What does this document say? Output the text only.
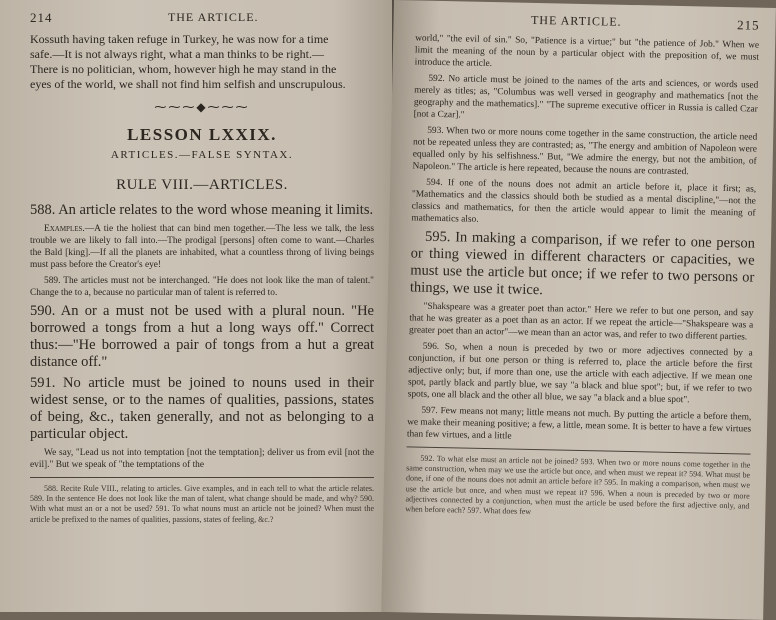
214	THE ARTICLE.
Kossuth having taken refuge in Turkey, he was now for a time
safe.—It is not always right, what a man thinks to be right.—
There is no politician, whom, however high he may stand in the
eyes of the world, we shall not find him selfish and unscrupulous.
⁓⁓⁓◆⁓⁓⁓
LESSON LXXIX.
ARTICLES.—FALSE SYNTAX.
RULE VIII.—ARTICLES.

588. An article relates to the word whose meaning it limits.

Examples.—A tie the holiest that can bind men together.—The less we talk, the less trouble we are likely to fall into.—The prodigal [persons] often come to want.—Charles the Bald [king].—If all the planets are inhabited, what a countless throng of living beings must pass before the Creator's eye!

589. The articles must not be interchanged. "He does not look like the man of talent." Change the to a, because no particular man of talent is referred to.

590. An or a must not be used with a plural noun. "He borrowed a tongs from a hut a long ways off." Correct thus:—"He borrowed a pair of tongs from a hut a great distance off."

591. No article must be joined to nouns used in their widest sense, or to the names of qualities, passions, states of being, &c., taken generally, and not as belonging to a particular object.

We say, "Lead us not into temptation [not the temptation]; deliver us from evil [not the evil]." But we speak of "the temptations of the

588. Recite Rule VIII., relating to articles. Give examples, and in each tell to what the article relates. 589. In the sentence He does not look like the man of talent, what change should be made, and why? 590. With what must an or a not be used? 591. To what nouns must an article not be joined? When must the article be prefixed to the names of qualities, passions, states of feeling, &c.?

THE ARTICLE.	215

world," "the evil of sin." So, "Patience is a virtue;" but "the patience of Job." When we limit the meaning of the noun by a particular object with the preposition of, we must introduce the article.

592. No article must be joined to the names of the arts and sciences, or words used merely as titles; as, "Columbus was well versed in geography and mathematics [not the geography and the mathematics]." "The supreme executive officer in Russia is called Czar [not a Czar]."

593. When two or more nouns come together in the same construction, the article need not be repeated unless they are contrasted; as, "The energy and ambition of Napoleon were equalled only by his selfishness." But, "We admire the energy, but not the ambition, of Napoleon." The article is here repeated, because the nouns are contrasted.

594. If one of the nouns does not admit an article before it, place it first; as, "Mathematics and the classics should both be studied as a mental discipline,"—not the classics and mathematics, for then the article would appear to limit the meaning of mathematics also.

595. In making a comparison, if we refer to one person or thing viewed in different characters or capacities, we must use the article but once; if we refer to two persons or things, we use it twice.

"Shakspeare was a greater poet than actor." Here we refer to but one person, and say that he was greater as a poet than as an actor. If we repeat the article—"Shakspeare was a greater poet than an actor"—we mean than an actor was, and refer to two different parties.

596. So, when a noun is preceded by two or more adjectives connected by a conjunction, if but one person or thing is referred to, place the article before the first adjective only; but, if more than one, use the article with each adjective. If we mean one spot, partly black and partly blue, we say "a black and blue spot"; but, if we refer to two spots, one all black and the other all blue, we say "a black and a blue spot".

597. Few means not many; little means not much. By putting the article a before them, we make their meaning positive; a few, a little, mean some. It is better to have a few virtues than few virtues, and a little

592. To what else must an article not be joined? 593. When two or more nouns come together in the same construction, when may we use the article but once, and when must we repeat it? 594. What must be done, if one of the nouns does not admit an article before it? 595. In making a comparison, when must we use the article but once, and when must we repeat it? 596. When a noun is preceded by two or more adjectives connected by a conjunction, when must the article be used before the first adjective only, and when before each? 597. What does few
